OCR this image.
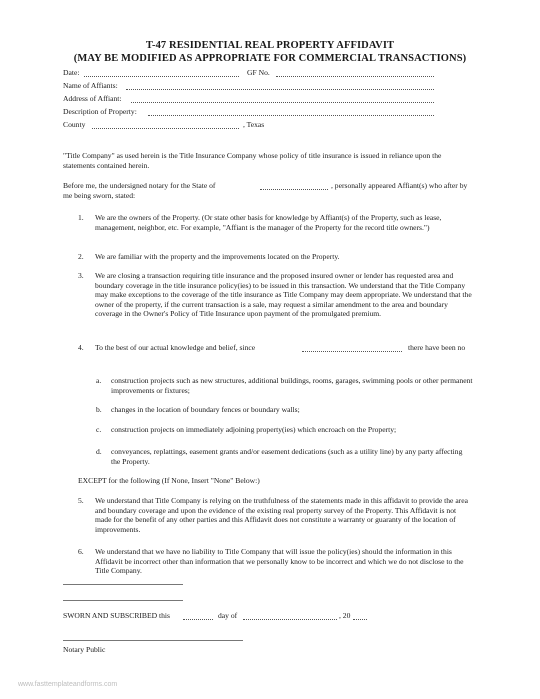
T-47 RESIDENTIAL REAL PROPERTY AFFIDAVIT
(MAY BE MODIFIED AS APPROPRIATE FOR COMMERCIAL TRANSACTIONS)
Date:	GF No.
Name of Affiants:
Address of Affiant:
Description of Property:
County	, Texas
"Title Company" as used herein is the Title Insurance Company whose policy of title insurance is issued in reliance upon the statements contained herein.
Before me, the undersigned notary for the State of	, personally appeared Affiant(s) who after by me being sworn, stated:
1. We are the owners of the Property. (Or state other basis for knowledge by Affiant(s) of the Property, such as lease, management, neighbor, etc. For example, "Affiant is the manager of the Property for the record title owners.")
2. We are familiar with the property and the improvements located on the Property.
3. We are closing a transaction requiring title insurance and the proposed insured owner or lender has requested area and boundary coverage in the title insurance policy(ies) to be issued in this transaction. We understand that the Title Company may make exceptions to the coverage of the title insurance as Title Company may deem appropriate. We understand that the owner of the property, if the current transaction is a sale, may request a similar amendment to the area and boundary coverage in the Owner's Policy of Title Insurance upon payment of the promulgated premium.
4. To the best of our actual knowledge and belief, since	there have been no
a. construction projects such as new structures, additional buildings, rooms, garages, swimming pools or other permanent improvements or fixtures;
b. changes in the location of boundary fences or boundary walls;
c. construction projects on immediately adjoining property(ies) which encroach on the Property;
d. conveyances, replattings, easement grants and/or easement dedications (such as a utility line) by any party affecting the Property.
EXCEPT for the following (If None, Insert "None" Below:)
5. We understand that Title Company is relying on the truthfulness of the statements made in this affidavit to provide the area and boundary coverage and upon the evidence of the existing real property survey of the Property. This Affidavit is not made for the benefit of any other parties and this Affidavit does not constitute a warranty or guaranty of the location of improvements.
6. We understand that we have no liability to Title Company that will issue the policy(ies) should the information in this Affidavit be incorrect other than information that we personally know to be incorrect and which we do not disclose to the Title Company.
SWORN AND SUBSCRIBED this	day of	, 20
Notary Public
www.fasttemplateandforms.com
